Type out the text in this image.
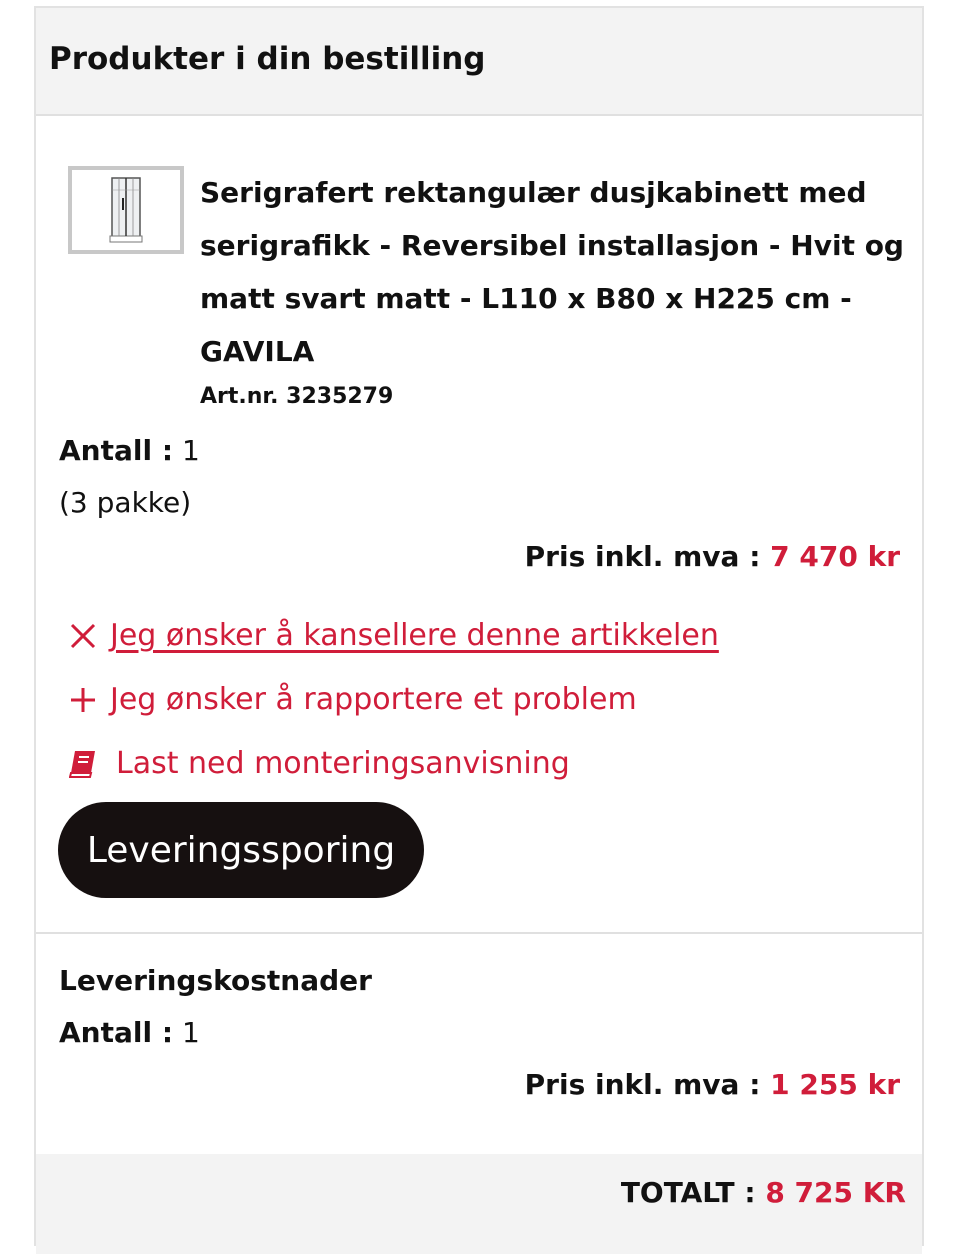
Produkter i din bestilling

Serigrafert rektangulær dusjkabinett med serigrafikk - Reversibel installasjon - Hvit og matt svart matt - L110 x B80 x H225 cm - GAVILA

Art.nr. 3235279
Antall : 1
(3 pakke)
Pris inkl. mva : 7 470 kr
Jeg ønsker å kansellere denne artikkelen
Jeg ønsker å rapportere et problem
Last ned monteringsanvisning
Leveringssporing
Leveringskostnader
Antall : 1
Pris inkl. mva : 1 255 kr
TOTALT : 8 725 KR
